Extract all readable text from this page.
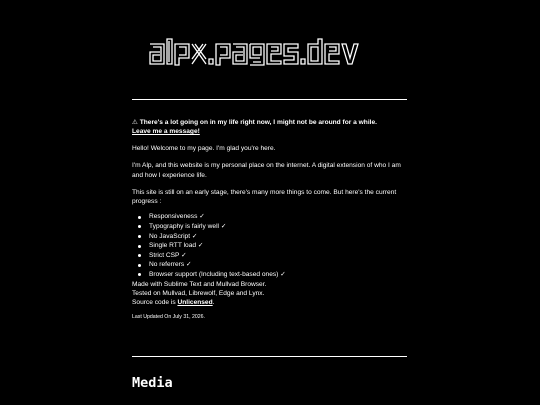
⚠ There's a lot going on in my life right now, I might not be around for a while.
Leave me a message!

Hello! Welcome to my page. I'm glad you're here.

I'm Alp, and this website is my personal place on the internet. A digital extension of who I am and how I experience life.

This site is still on an early stage, there's many more things to come. But here's the current progress :

Responsiveness ✓
Typography is fairly well ✓
No JavaScript ✓
Single RTT load ✓
Strict CSP ✓
No referrers ✓
Browser support (Including text-based ones) ✓

Made with Sublime Text and Mullvad Browser.
Tested on Mullvad, Librewolf, Edge and Lynx.
Source code is Unlicensed.

Last Updated On July 31, 2026.

Media
